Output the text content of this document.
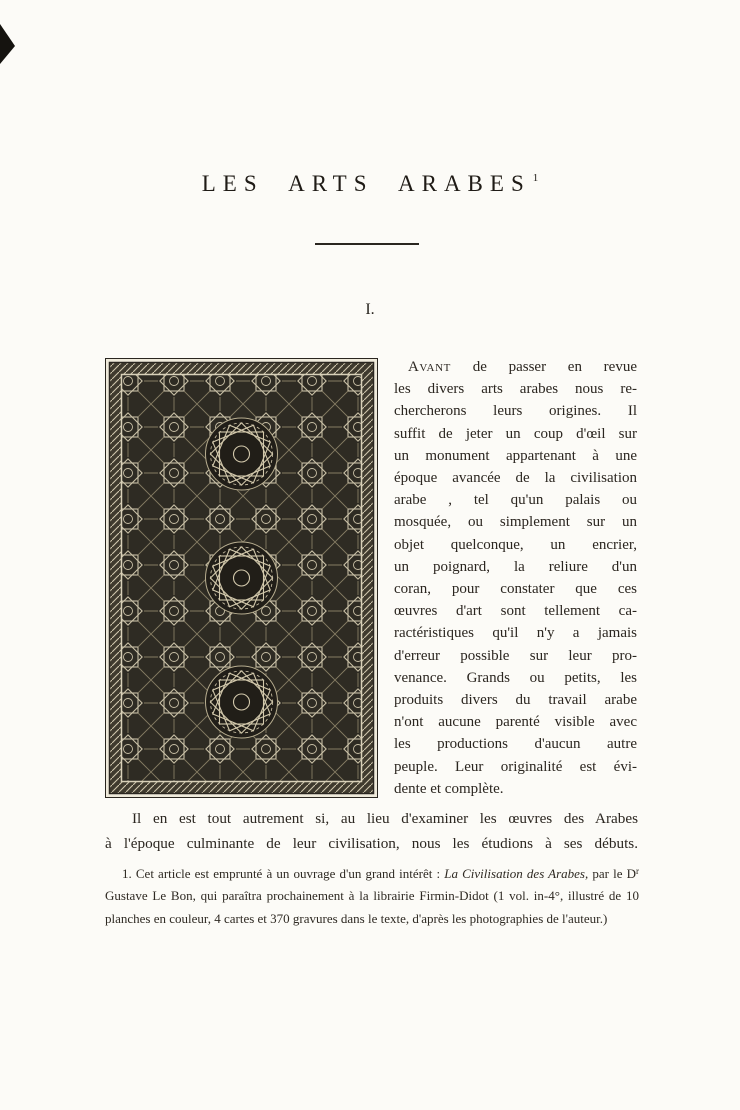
LES ARTS ARABES $^1$
I.
Avant de passer en revue
les divers arts arabes nous re-
chercherons leurs origines. Il
suffit de jeter un coup d'œil sur
un monument appartenant à une
époque avancée de la civilisation
arabe , tel qu'un palais ou
mosquée, ou simplement sur un
objet quelconque, un encrier,
un poignard, la reliure d'un
coran, pour constater que ces
œuvres d'art sont tellement ca-
ractéristiques qu'il n'y a jamais
d'erreur possible sur leur pro-
venance. Grands ou petits, les
produits divers du travail arabe
n'ont aucune parenté visible avec
les productions d'aucun autre
peuple. Leur originalité est évi-
dente et complète.
Il en est tout autrement si, au lieu d'examiner les œuvres des Arabes
à l'époque culminante de leur civilisation, nous les étudions à ses débuts.

1. Cet article est emprunté à un ouvrage d'un grand intérêt : La Civilisation des Arabes, par le $D^r$ Gustave Le Bon, qui paraîtra prochainement à la librairie Firmin-Didot (1 vol. in-4°, illustré de 10 planches en couleur, 4 cartes et 370 gravures dans le texte, d'après les photographies de l'auteur.)
